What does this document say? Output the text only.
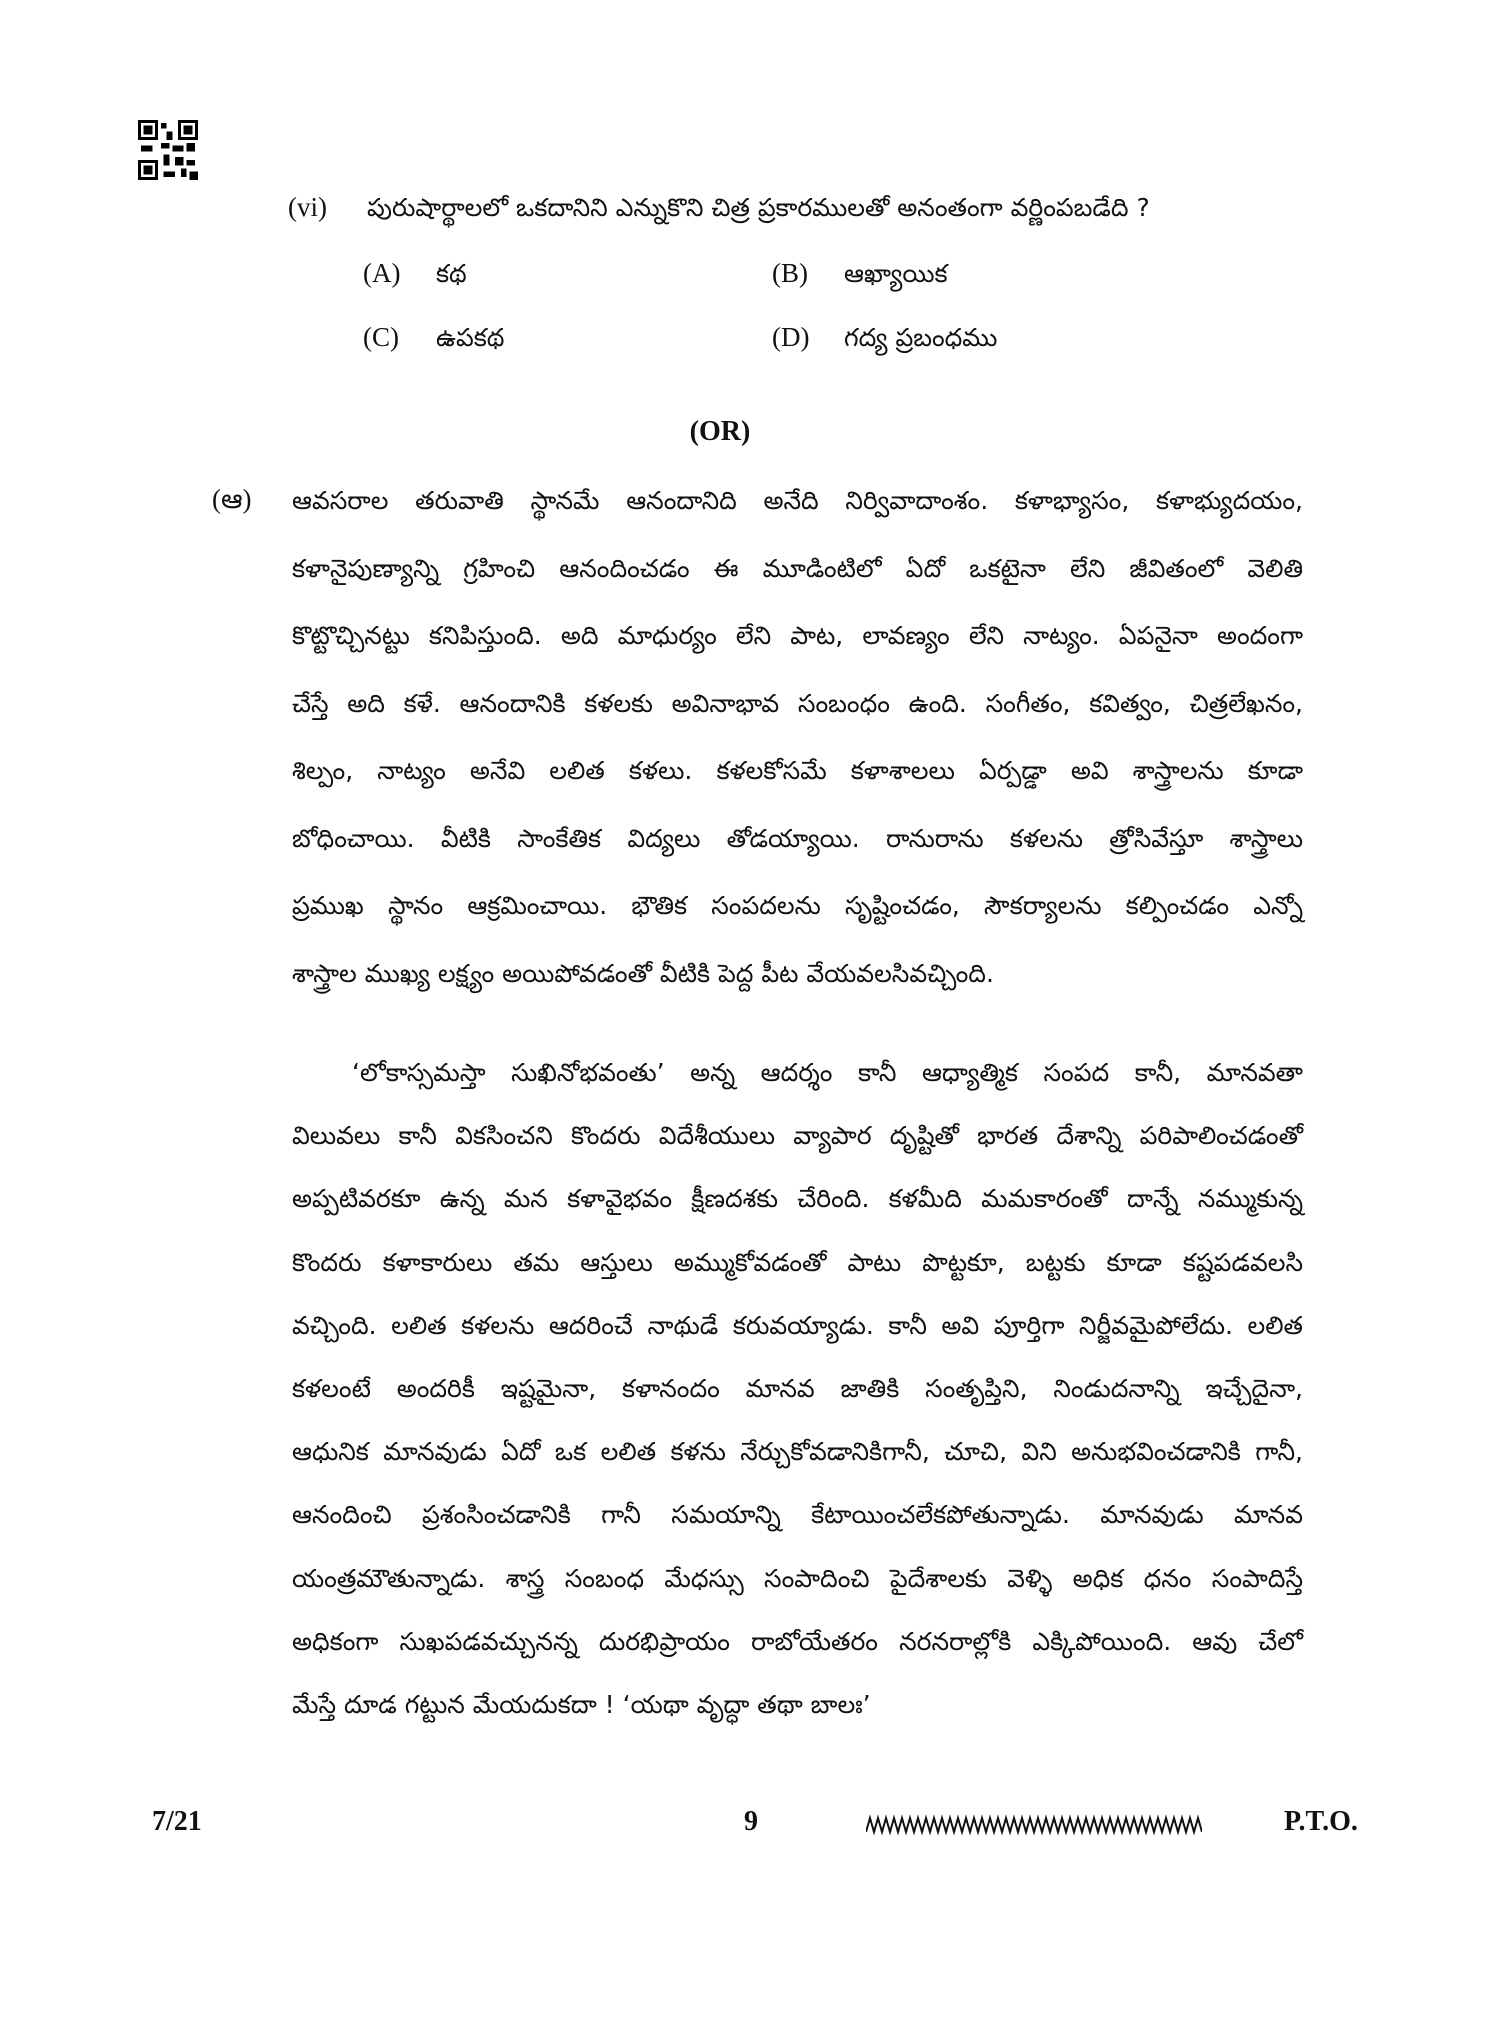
(vi) పురుషార్థాలలో ఒకదానిని ఎన్నుకొని చిత్ర ప్రకారములతో అనంతంగా వర్ణింపబడేది ?
(A) కథ	(B) ఆఖ్యాయిక
(C) ఉపకథ	(D) గద్య ప్రబంధము
(OR)
(ఆ) ఆవసరాల తరువాతి స్థానమే ఆనందానిది అనేది నిర్వివాదాంశం. కళాభ్యాసం, కళాభ్యుదయం,
కళానైపుణ్యాన్ని గ్రహించి ఆనందించడం ఈ మూడింటిలో ఏదో ఒకటైనా లేని జీవితంలో వెలితి
కొట్టొచ్చినట్టు కనిపిస్తుంది. అది మాధుర్యం లేని పాట, లావణ్యం లేని నాట్యం. ఏపనైనా అందంగా
చేస్తే అది కళే. ఆనందానికి కళలకు అవినాభావ సంబంధం ఉంది. సంగీతం, కవిత్వం, చిత్రలేఖనం,
శిల్పం, నాట్యం అనేవి లలిత కళలు. కళలకోసమే కళాశాలలు ఏర్పడ్డా అవి శాస్త్రాలను కూడా
బోధించాయి. వీటికి సాంకేతిక విద్యలు తోడయ్యాయి. రానురాను కళలను త్రోసివేస్తూ శాస్త్రాలు
ప్రముఖ స్థానం ఆక్రమించాయి. భౌతిక సంపదలను సృష్టించడం, సౌకర్యాలను కల్పించడం ఎన్నో
శాస్త్రాల ముఖ్య లక్ష్యం అయిపోవడంతో వీటికి పెద్ద పీట వేయవలసివచ్చింది.
‘లోకాస్సమస్తా సుఖినోభవంతు’ అన్న ఆదర్శం కానీ ఆధ్యాత్మిక సంపద కానీ, మానవతా
విలువలు కానీ వికసించని కొందరు విదేశీయులు వ్యాపార దృష్టితో భారత దేశాన్ని పరిపాలించడంతో
అప్పటివరకూ ఉన్న మన కళావైభవం క్షీణదశకు చేరింది. కళమీది మమకారంతో దాన్నే నమ్ముకున్న
కొందరు కళాకారులు తమ ఆస్తులు అమ్ముకోవడంతో పాటు పొట్టకూ, బట్టకు కూడా కష్టపడవలసి
వచ్చింది. లలిత కళలను ఆదరించే నాథుడే కరువయ్యాడు. కానీ అవి పూర్తిగా నిర్జీవమైపోలేదు. లలిత
కళలంటే అందరికీ ఇష్టమైనా, కళానందం మానవ జాతికి సంతృప్తిని, నిండుదనాన్ని ఇచ్చేదైనా,
ఆధునిక మానవుడు ఏదో ఒక లలిత కళను నేర్చుకోవడానికిగానీ, చూచి, విని అనుభవించడానికి గానీ,
ఆనందించి ప్రశంసించడానికి గానీ సమయాన్ని కేటాయించలేకపోతున్నాడు. మానవుడు మానవ
యంత్రమౌతున్నాడు. శాస్త్ర సంబంధ మేధస్సు సంపాదించి పైదేశాలకు వెళ్ళి అధిక ధనం సంపాదిస్తే
అధికంగా సుఖపడవచ్చునన్న దురభిప్రాయం రాబోయేతరం నరనరాల్లోకి ఎక్కిపోయింది. ఆవు చేలో
మేస్తే దూడ గట్టున మేయదుకదా ! ‘యథా వృద్ధా తథా బాలః’
7/21	9	P.T.O.
